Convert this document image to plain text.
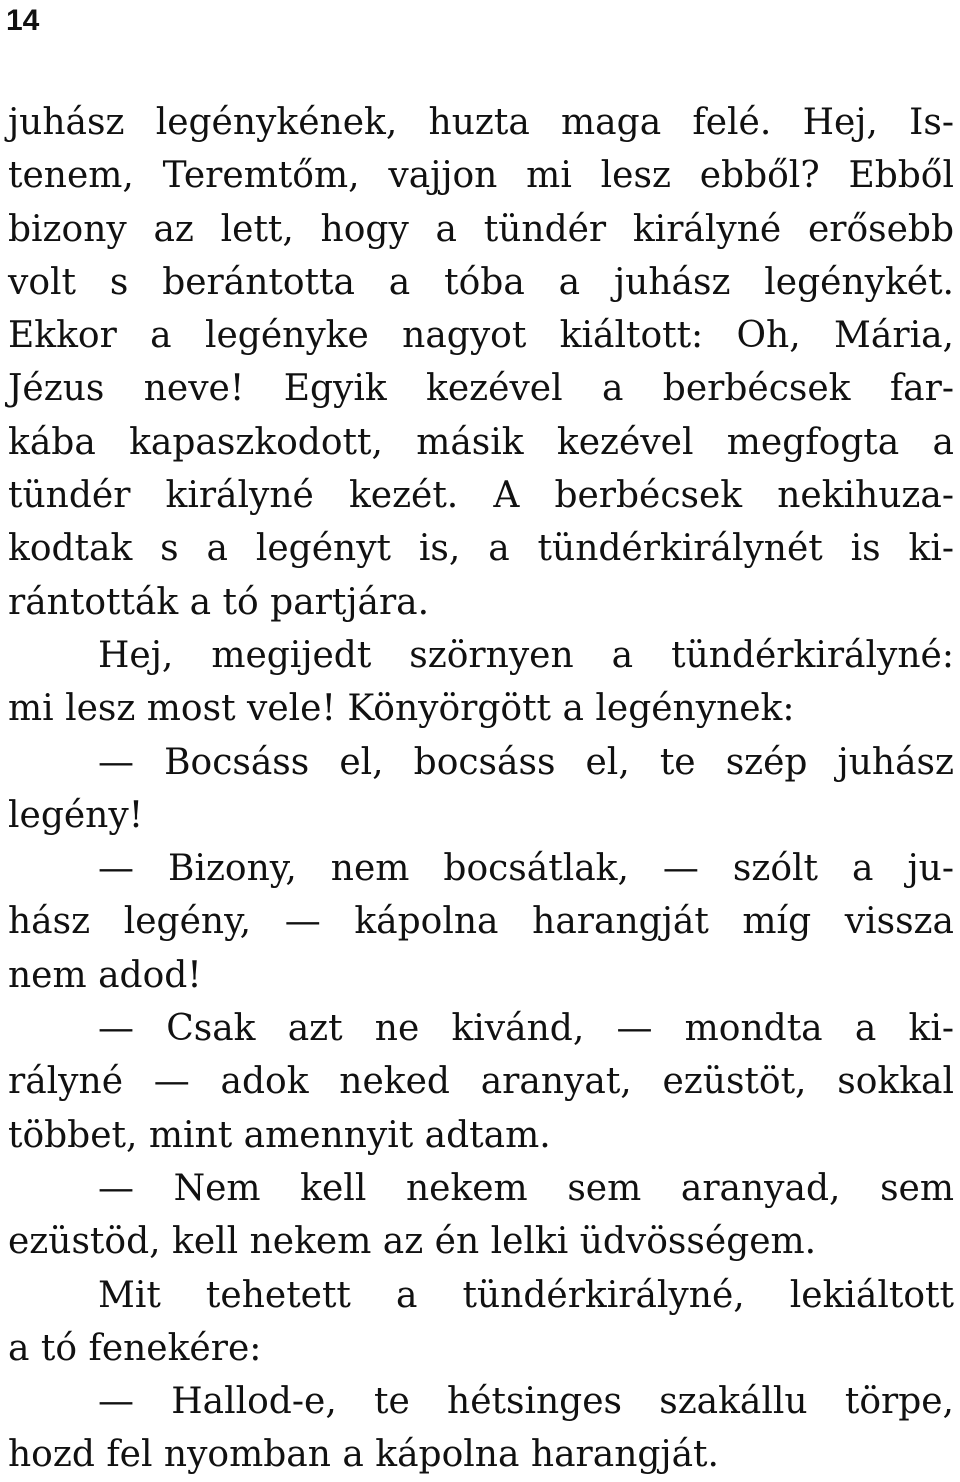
14
juhász legénykének, huzta maga felé. Hej, Is-
tenem, Teremtőm, vajjon mi lesz ebből? Ebből
bizony az lett, hogy a tündér királyné erősebb
volt s berántotta a tóba a juhász legénykét.
Ekkor a legényke nagyot kiáltott: Oh, Mária,
Jézus neve! Egyik kezével a berbécsek far-
kába kapaszkodott, másik kezével megfogta a
tündér királyné kezét. A berbécsek nekihuza-
kodtak s a legényt is, a tündérkirálynét is ki-
rántották a tó partjára.
Hej, megijedt szörnyen a tündérkirályné:
mi lesz most vele! Könyörgött a legénynek:
— Bocsáss el, bocsáss el, te szép juhász
legény!
— Bizony, nem bocsátlak, — szólt a ju-
hász legény, — kápolna harangját míg vissza
nem adod!
— Csak azt ne kivánd, — mondta a ki-
rályné — adok neked aranyat, ezüstöt, sokkal
többet, mint amennyit adtam.
— Nem kell nekem sem aranyad, sem
ezüstöd, kell nekem az én lelki üdvösségem.
Mit tehetett a tündérkirályné, lekiáltott
a tó fenekére:
— Hallod-e, te hétsinges szakállu törpe,
hozd fel nyomban a kápolna harangját.
